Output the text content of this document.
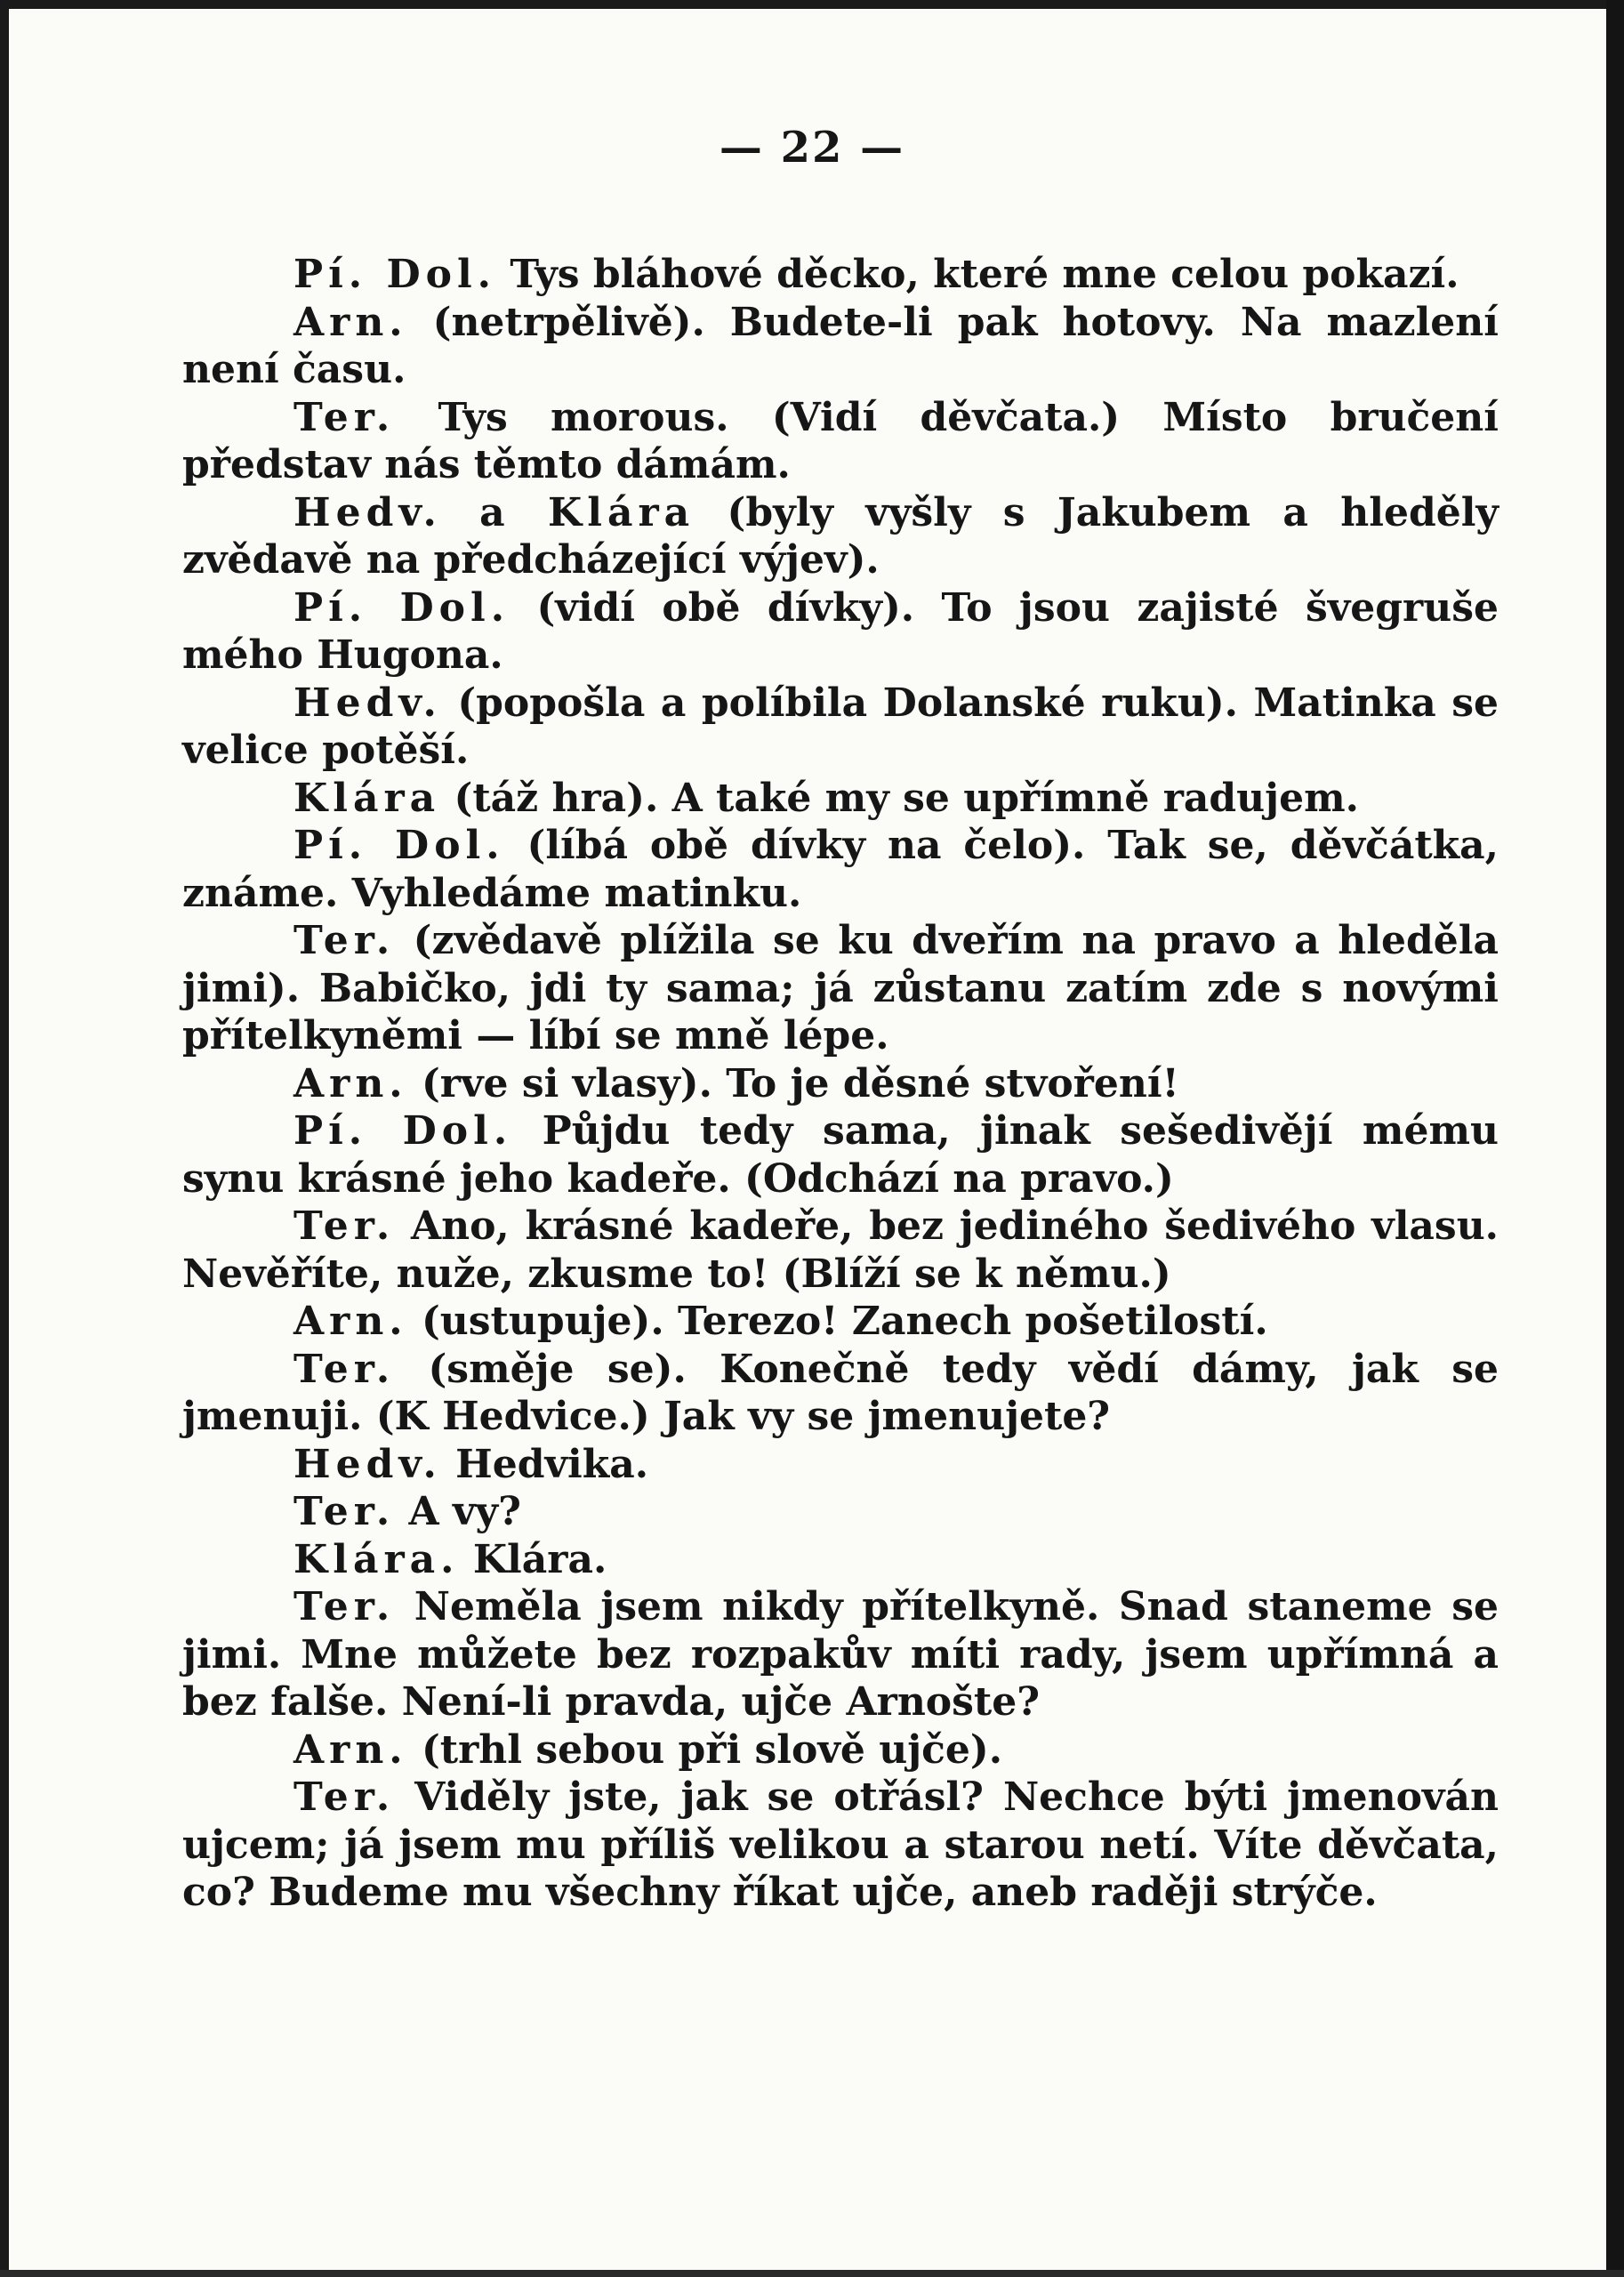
— 22 —

Pí. Dol. Tys bláhové děcko, které mne celou pokazí.

Arn. (netrpělivě). Budete-li pak hotovy. Na mazlení není času.

Ter. Tys morous. (Vidí děvčata.) Místo bručení představ nás těmto dámám.

Hedv. a Klára (byly vyšly s Jakubem a hleděly zvědavě na předcházející výjev).

Pí. Dol. (vidí obě dívky). To jsou zajisté švegruše mého Hugona.

Hedv. (popošla a políbila Dolanské ruku). Matinka se velice potěší.

Klára (táž hra). A také my se upřímně radujem.

Pí. Dol. (líbá obě dívky na čelo). Tak se, děvčátka, známe. Vyhledáme matinku.

Ter. (zvědavě plížila se ku dveřím na pravo a hleděla jimi). Babičko, jdi ty sama; já zůstanu zatím zde s novými přítelkyněmi — líbí se mně lépe.

Arn. (rve si vlasy). To je děsné stvoření!

Pí. Dol. Půjdu tedy sama, jinak sešedivějí mému synu krásné jeho kadeře. (Odchází na pravo.)

Ter. Ano, krásné kadeře, bez jediného šedivého vlasu. Nevěříte, nuže, zkusme to! (Blíží se k němu.)

Arn. (ustupuje). Terezo! Zanech pošetilostí.

Ter. (směje se). Konečně tedy vědí dámy, jak se jmenuji. (K Hedvice.) Jak vy se jmenujete?

Hedv. Hedvika.

Ter. A vy?

Klára. Klára.

Ter. Neměla jsem nikdy přítelkyně. Snad staneme se jimi. Mne můžete bez rozpakův míti rady, jsem upřímná a bez falše. Není-li pravda, ujče Arnošte?

Arn. (trhl sebou při slově ujče).

Ter. Viděly jste, jak se otřásl? Nechce býti jmenován ujcem; já jsem mu příliš velikou a starou netí. Víte děvčata, co? Budeme mu všechny říkat ujče, aneb raději strýče.
